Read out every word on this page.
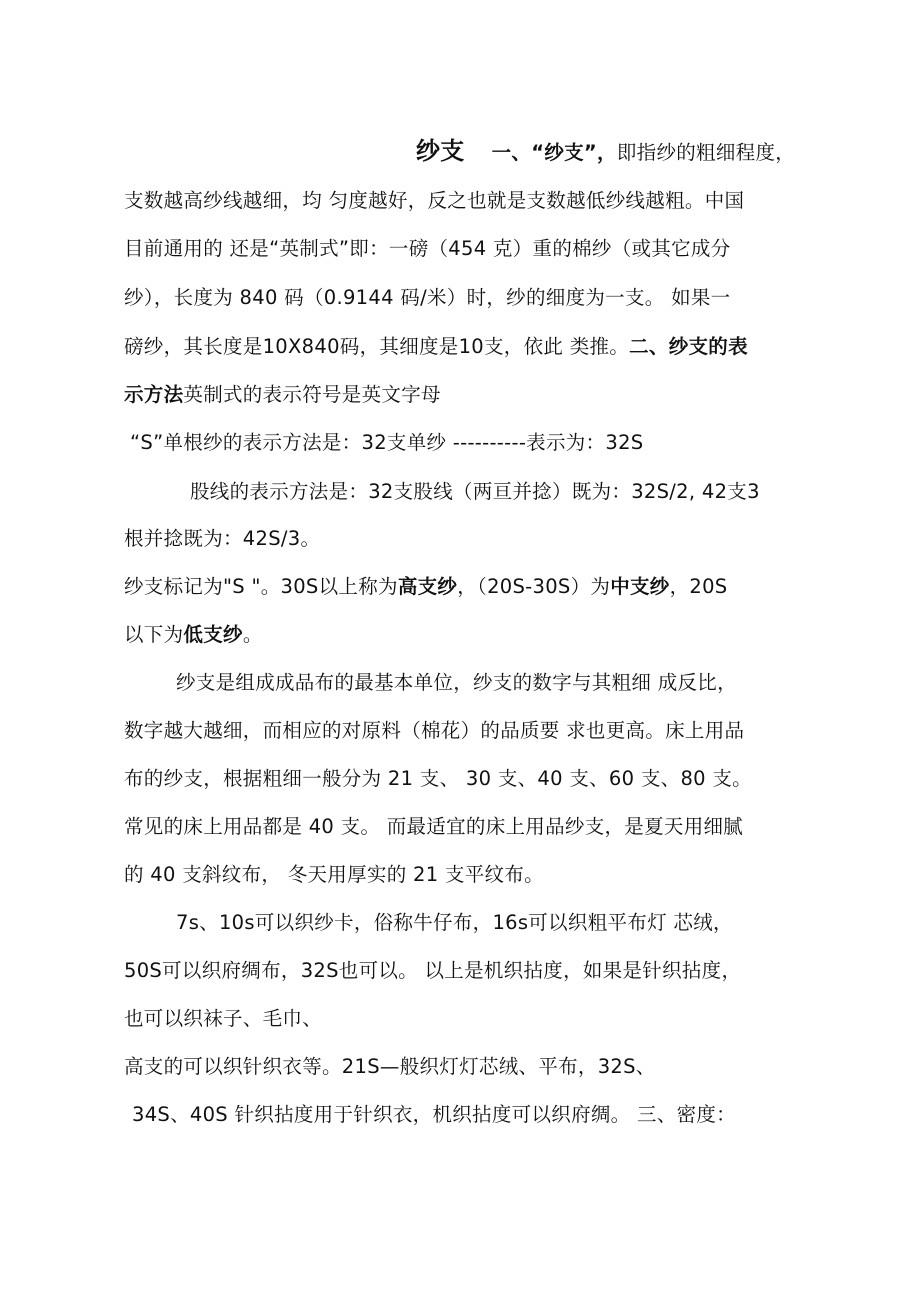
纱支 一、“纱支”，即指纱的粗细程度，
支数越高纱线越细，均 匀度越好，反之也就是支数越低纱线越粗。中国
目前通用的 还是“英制式”即：一磅（454 克）重的棉纱（或其它成分
纱），长度为 840 码（0.9144 码/米）时，纱的细度为一支。 如果一
磅纱，其长度是10X840码，其细度是10支，依此 类推。二、纱支的表
示方法英制式的表示符号是英文字母
“S”单根纱的表示方法是：32支单纱 ----------表示为：32S
股线的表示方法是：32支股线（两亘并捻）既为：32S/2, 42支3
根并捻既为：42S/3。
纱支标记为"S "。30S以上称为高支纱，（20S-30S）为中支纱，20S
以下为低支纱。
纱支是组成成品布的最基本单位，纱支的数字与其粗细 成反比，
数字越大越细，而相应的对原料（棉花）的品质要 求也更高。床上用品
布的纱支，根据粗细一般分为 21 支、 30 支、40 支、60 支、80 支。
常见的床上用品都是 40 支。 而最适宜的床上用品纱支，是夏天用细腻
的 40 支斜纹布， 冬天用厚实的 21 支平纹布。
7s、10s可以织纱卡，俗称牛仔布，16s可以织粗平布灯 芯绒，
50S可以织府绸布，32S也可以。 以上是机织拈度，如果是针织拈度，
也可以织袜子、毛巾、
高支的可以织针织衣等。21S—般织灯灯芯绒、平布，32S、
34S、40S 针织拈度用于针织衣，机织拈度可以织府绸。 三、密度：
